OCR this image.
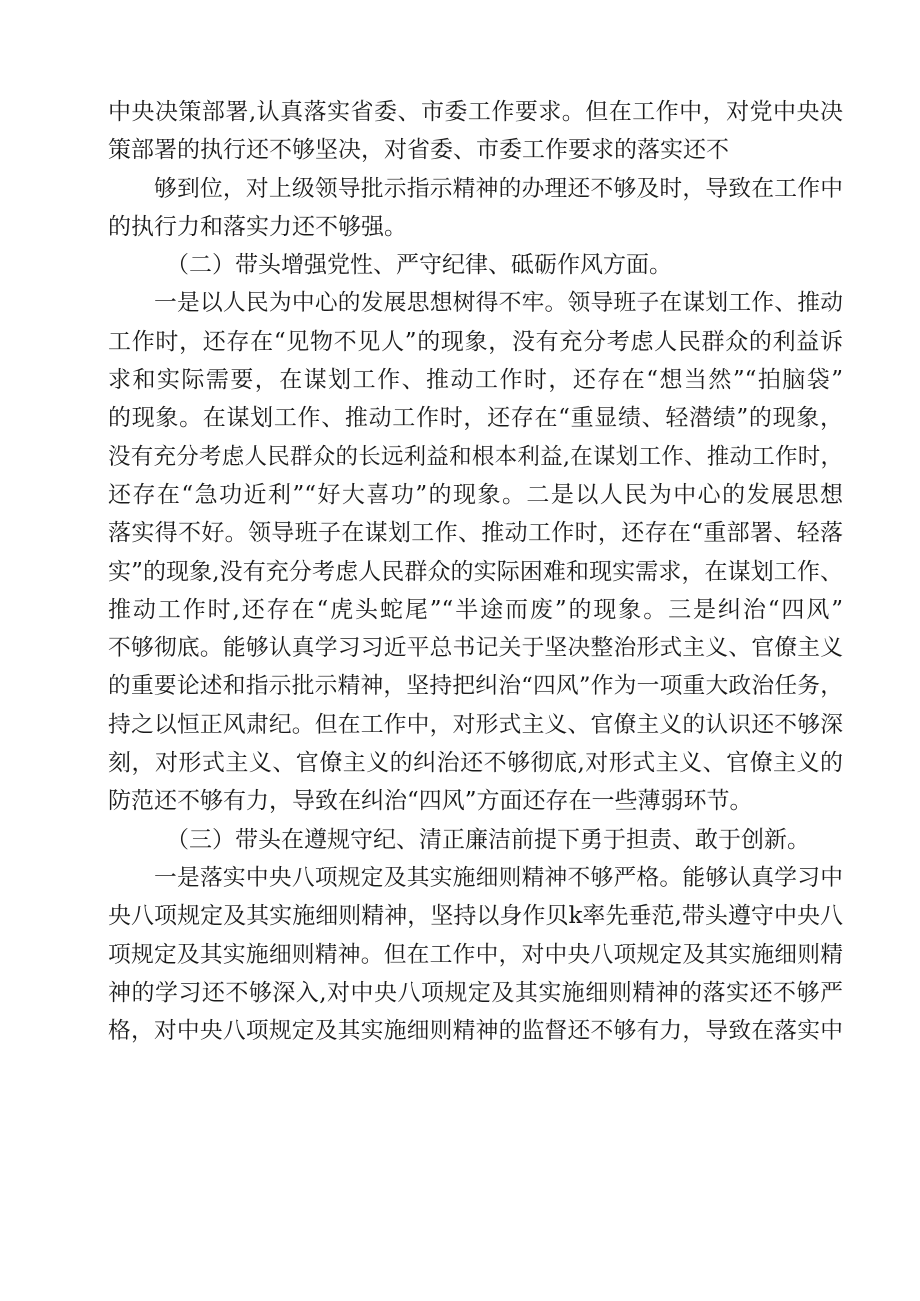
中央决策部署,认真落实省委、市委工作要求。但在工作中，对党中央决
策部署的执行还不够坚决，对省委、市委工作要求的落实还不
够到位，对上级领导批示指示精神的办理还不够及时，导致在工作中
的执行力和落实力还不够强。
（二）带头增强党性、严守纪律、砥砺作风方面。
一是以人民为中心的发展思想树得不牢。领导班子在谋划工作、推动
工作时，还存在“见物不见人”的现象，没有充分考虑人民群众的利益诉
求和实际需要，在谋划工作、推动工作时，还存在“想当然”“拍脑袋”
的现象。在谋划工作、推动工作时，还存在“重显绩、轻潜绩”的现象，
没有充分考虑人民群众的长远利益和根本利益,在谋划工作、推动工作时，
还存在“急功近利”“好大喜功”的现象。二是以人民为中心的发展思想
落实得不好。领导班子在谋划工作、推动工作时，还存在“重部署、轻落
实”的现象,没有充分考虑人民群众的实际困难和现实需求，在谋划工作、
推动工作时,还存在“虎头蛇尾”“半途而废”的现象。三是纠治“四风”
不够彻底。能够认真学习习近平总书记关于坚决整治形式主义、官僚主义
的重要论述和指示批示精神，坚持把纠治“四风”作为一项重大政治任务，
持之以恒正风肃纪。但在工作中，对形式主义、官僚主义的认识还不够深
刻，对形式主义、官僚主义的纠治还不够彻底,对形式主义、官僚主义的
防范还不够有力，导致在纠治“四风”方面还存在一些薄弱环节。
（三）带头在遵规守纪、清正廉洁前提下勇于担责、敢于创新。
一是落实中央八项规定及其实施细则精神不够严格。能够认真学习中
央八项规定及其实施细则精神，坚持以身作贝k率先垂范,带头遵守中央八
项规定及其实施细则精神。但在工作中，对中央八项规定及其实施细则精
神的学习还不够深入,对中央八项规定及其实施细则精神的落实还不够严
格，对中央八项规定及其实施细则精神的监督还不够有力，导致在落实中
